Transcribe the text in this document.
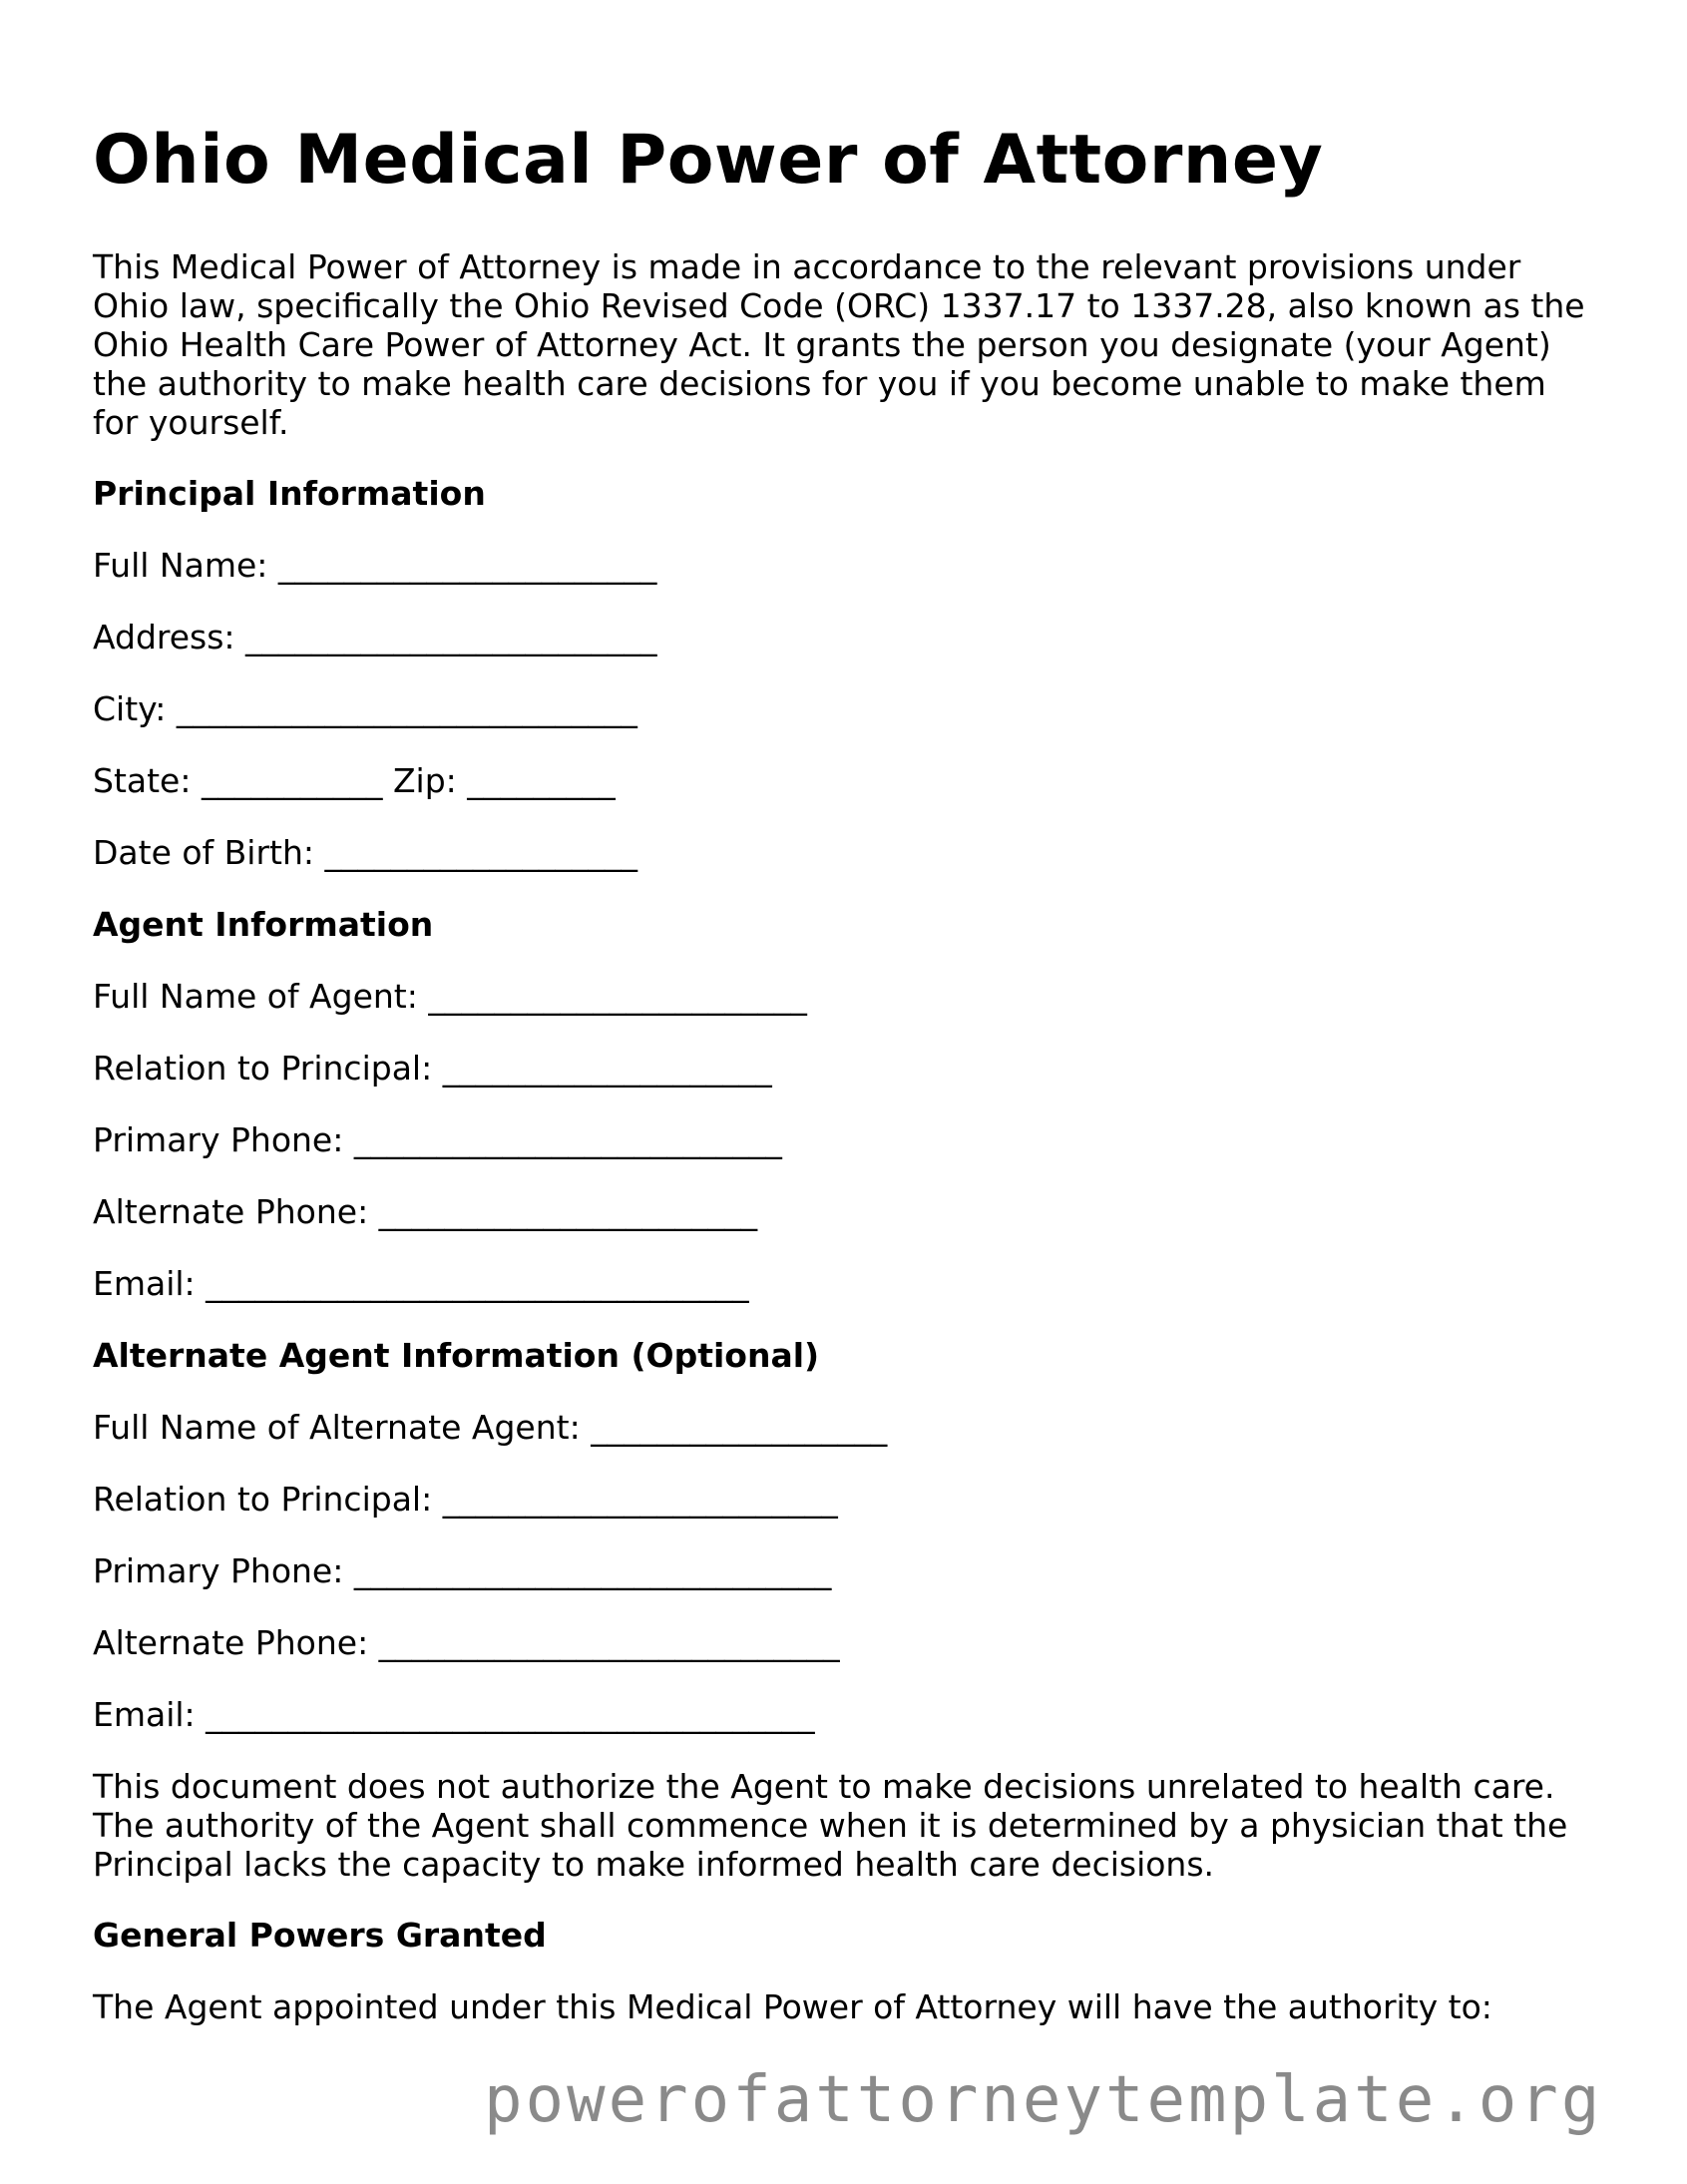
Ohio Medical Power of Attorney
This Medical Power of Attorney is made in accordance to the relevant provisions under Ohio law, specifically the Ohio Revised Code (ORC) 1337.17 to 1337.28, also known as the Ohio Health Care Power of Attorney Act. It grants the person you designate (your Agent) the authority to make health care decisions for you if you become unable to make them for yourself.
Principal Information
Full Name: _______________________
Address: _________________________
City: ____________________________
State: ___________ Zip: _________
Date of Birth: ___________________
Agent Information
Full Name of Agent: _______________________
Relation to Principal: ____________________
Primary Phone: __________________________
Alternate Phone: _______________________
Email: _________________________________
Alternate Agent Information (Optional)
Full Name of Alternate Agent: __________________
Relation to Principal: ________________________
Primary Phone: _____________________________
Alternate Phone: ____________________________
Email: _____________________________________
This document does not authorize the Agent to make decisions unrelated to health care. The authority of the Agent shall commence when it is determined by a physician that the Principal lacks the capacity to make informed health care decisions.
General Powers Granted
The Agent appointed under this Medical Power of Attorney will have the authority to:
powerofattorneytemplate.org
